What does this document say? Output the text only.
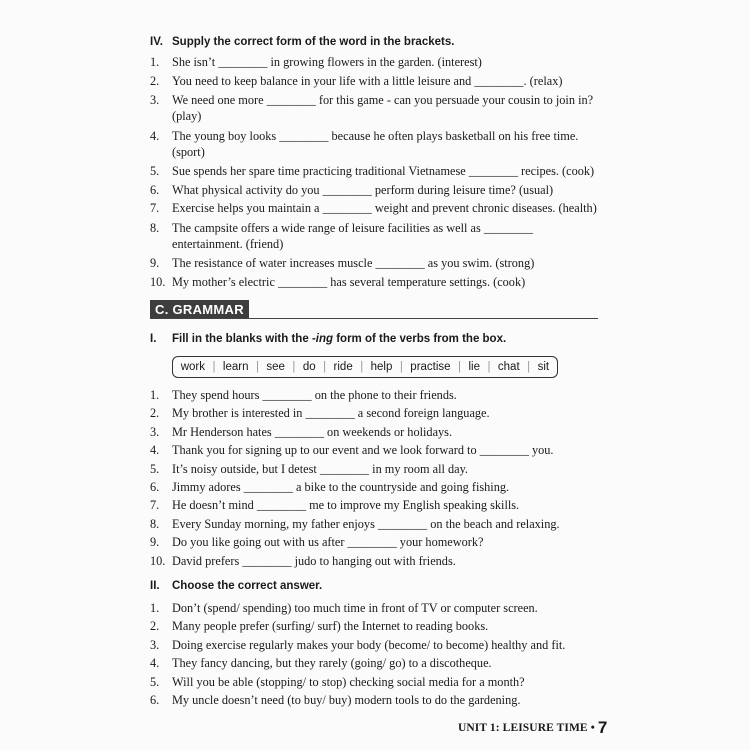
IV. Supply the correct form of the word in the brackets.
1. She isn’t ________ in growing flowers in the garden. (interest)
2. You need to keep balance in your life with a little leisure and ________. (relax)
3. We need one more ________ for this game - can you persuade your cousin to join in? (play)
4. The young boy looks ________ because he often plays basketball on his free time. (sport)
5. Sue spends her spare time practicing traditional Vietnamese ________ recipes. (cook)
6. What physical activity do you ________ perform during leisure time? (usual)
7. Exercise helps you maintain a ________ weight and prevent chronic diseases. (health)
8. The campsite offers a wide range of leisure facilities as well as ________ entertainment. (friend)
9. The resistance of water increases muscle ________ as you swim. (strong)
10. My mother’s electric ________ has several temperature settings. (cook)
C. GRAMMAR
I. Fill in the blanks with the -ing form of the verbs from the box.
work | learn | see | do | ride | help | practise | lie | chat | sit
1. They spend hours ________ on the phone to their friends.
2. My brother is interested in ________ a second foreign language.
3. Mr Henderson hates ________ on weekends or holidays.
4. Thank you for signing up to our event and we look forward to ________ you.
5. It’s noisy outside, but I detest ________ in my room all day.
6. Jimmy adores ________ a bike to the countryside and going fishing.
7. He doesn’t mind ________ me to improve my English speaking skills.
8. Every Sunday morning, my father enjoys ________ on the beach and relaxing.
9. Do you like going out with us after ________ your homework?
10. David prefers ________ judo to hanging out with friends.
II. Choose the correct answer.
1. Don’t (spend/ spending) too much time in front of TV or computer screen.
2. Many people prefer (surfing/ surf) the Internet to reading books.
3. Doing exercise regularly makes your body (become/ to become) healthy and fit.
4. They fancy dancing, but they rarely (going/ go) to a discotheque.
5. Will you be able (stopping/ to stop) checking social media for a month?
6. My uncle doesn’t need (to buy/ buy) modern tools to do the gardening.
UNIT 1: LEISURE TIME • 7
